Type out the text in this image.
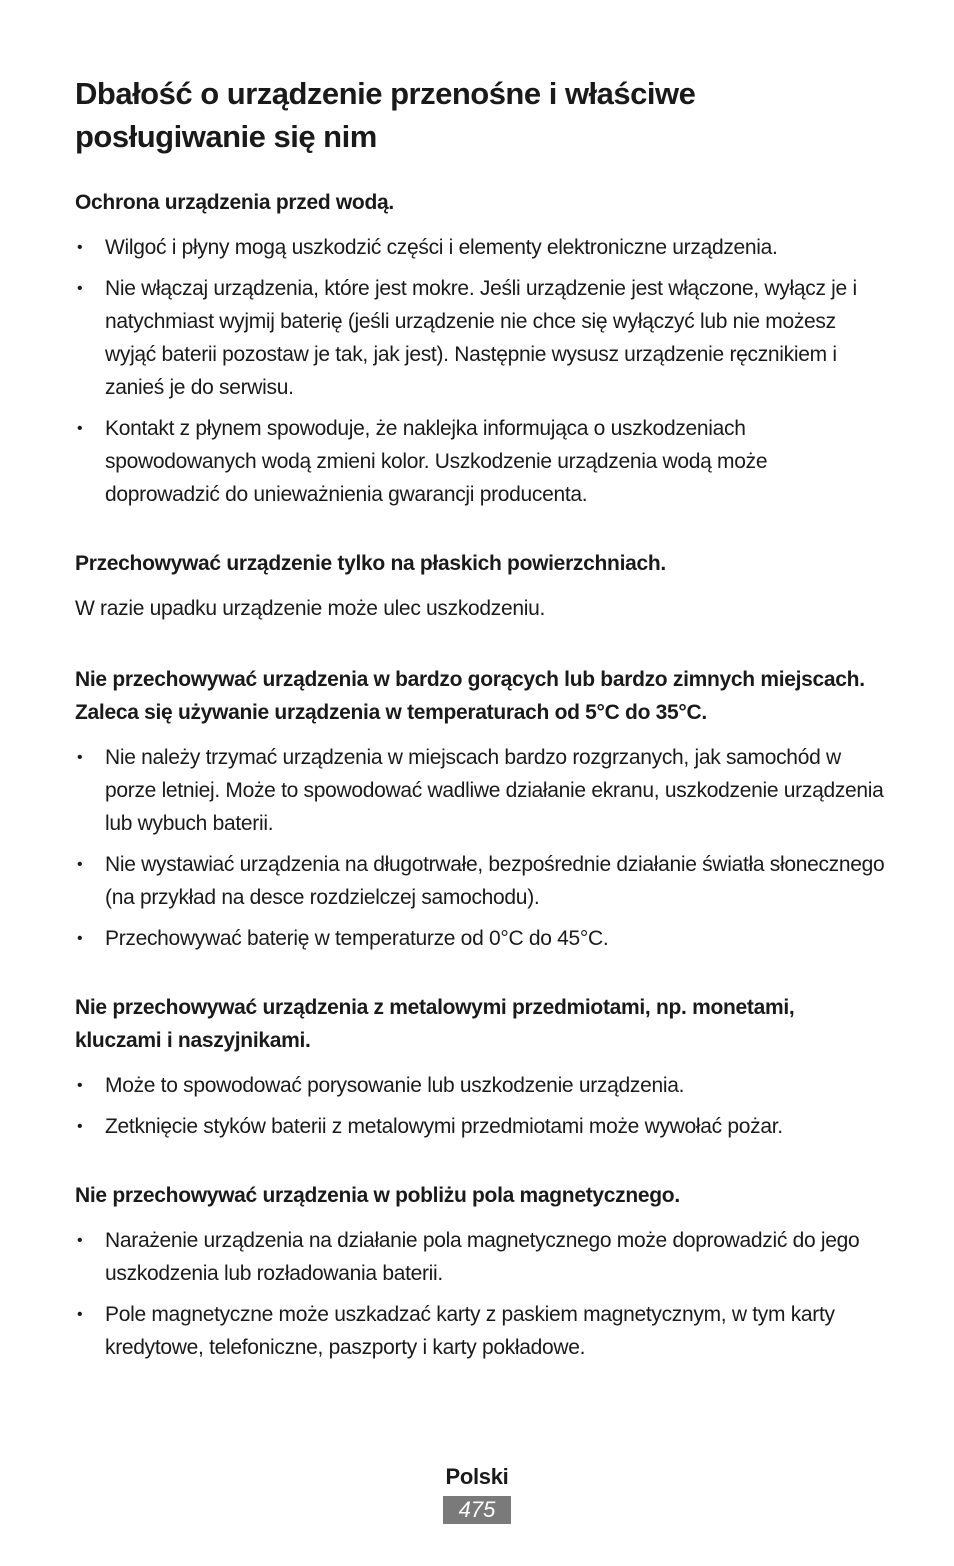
Dbałość o urządzenie przenośne i właściwe posługiwanie się nim
Ochrona urządzenia przed wodą.
• Wilgoć i płyny mogą uszkodzić części i elementy elektroniczne urządzenia.
• Nie włączaj urządzenia, które jest mokre. Jeśli urządzenie jest włączone, wyłącz je i natychmiast wyjmij baterię (jeśli urządzenie nie chce się wyłączyć lub nie możesz wyjąć baterii pozostaw je tak, jak jest). Następnie wysusz urządzenie ręcznikiem i zanieś je do serwisu.
• Kontakt z płynem spowoduje, że naklejka informująca o uszkodzeniach spowodowanych wodą zmieni kolor. Uszkodzenie urządzenia wodą może doprowadzić do unieważnienia gwarancji producenta.
Przechowywać urządzenie tylko na płaskich powierzchniach.
W razie upadku urządzenie może ulec uszkodzeniu.
Nie przechowywać urządzenia w bardzo gorących lub bardzo zimnych miejscach. Zaleca się używanie urządzenia w temperaturach od 5°C do 35°C.
• Nie należy trzymać urządzenia w miejscach bardzo rozgrzanych, jak samochód w porze letniej. Może to spowodować wadliwe działanie ekranu, uszkodzenie urządzenia lub wybuch baterii.
• Nie wystawiać urządzenia na długotrwałe, bezpośrednie działanie światła słonecznego (na przykład na desce rozdzielczej samochodu).
• Przechowywać baterię w temperaturze od 0°C do 45°C.
Nie przechowywać urządzenia z metalowymi przedmiotami, np. monetami, kluczami i naszyjnikami.
• Może to spowodować porysowanie lub uszkodzenie urządzenia.
• Zetknięcie styków baterii z metalowymi przedmiotami może wywołać pożar.
Nie przechowywać urządzenia w pobliżu pola magnetycznego.
• Narażenie urządzenia na działanie pola magnetycznego może doprowadzić do jego uszkodzenia lub rozładowania baterii.
• Pole magnetyczne może uszkadzać karty z paskiem magnetycznym, w tym karty kredytowe, telefoniczne, paszporty i karty pokładowe.
Polski
475
